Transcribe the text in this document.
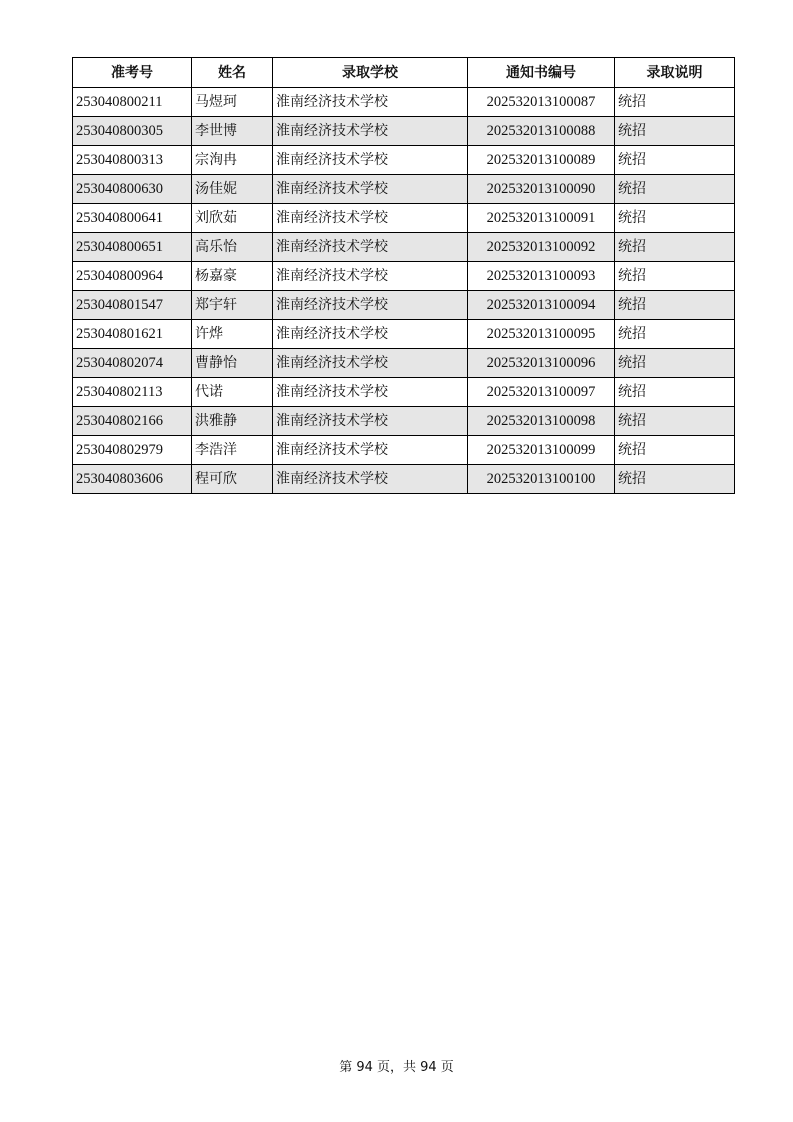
准考号	姓名	录取学校	通知书编号	录取说明
253040800211	马煜珂	淮南经济技术学校	202532013100087	统招
253040800305	李世博	淮南经济技术学校	202532013100088	统招
253040800313	宗洵冉	淮南经济技术学校	202532013100089	统招
253040800630	汤佳妮	淮南经济技术学校	202532013100090	统招
253040800641	刘欣茹	淮南经济技术学校	202532013100091	统招
253040800651	高乐怡	淮南经济技术学校	202532013100092	统招
253040800964	杨嘉豪	淮南经济技术学校	202532013100093	统招
253040801547	郑宇轩	淮南经济技术学校	202532013100094	统招
253040801621	许烨	淮南经济技术学校	202532013100095	统招
253040802074	曹静怡	淮南经济技术学校	202532013100096	统招
253040802113	代诺	淮南经济技术学校	202532013100097	统招
253040802166	洪雅静	淮南经济技术学校	202532013100098	统招
253040802979	李浩洋	淮南经济技术学校	202532013100099	统招
253040803606	程可欣	淮南经济技术学校	202532013100100	统招
第 94 页，共 94 页
